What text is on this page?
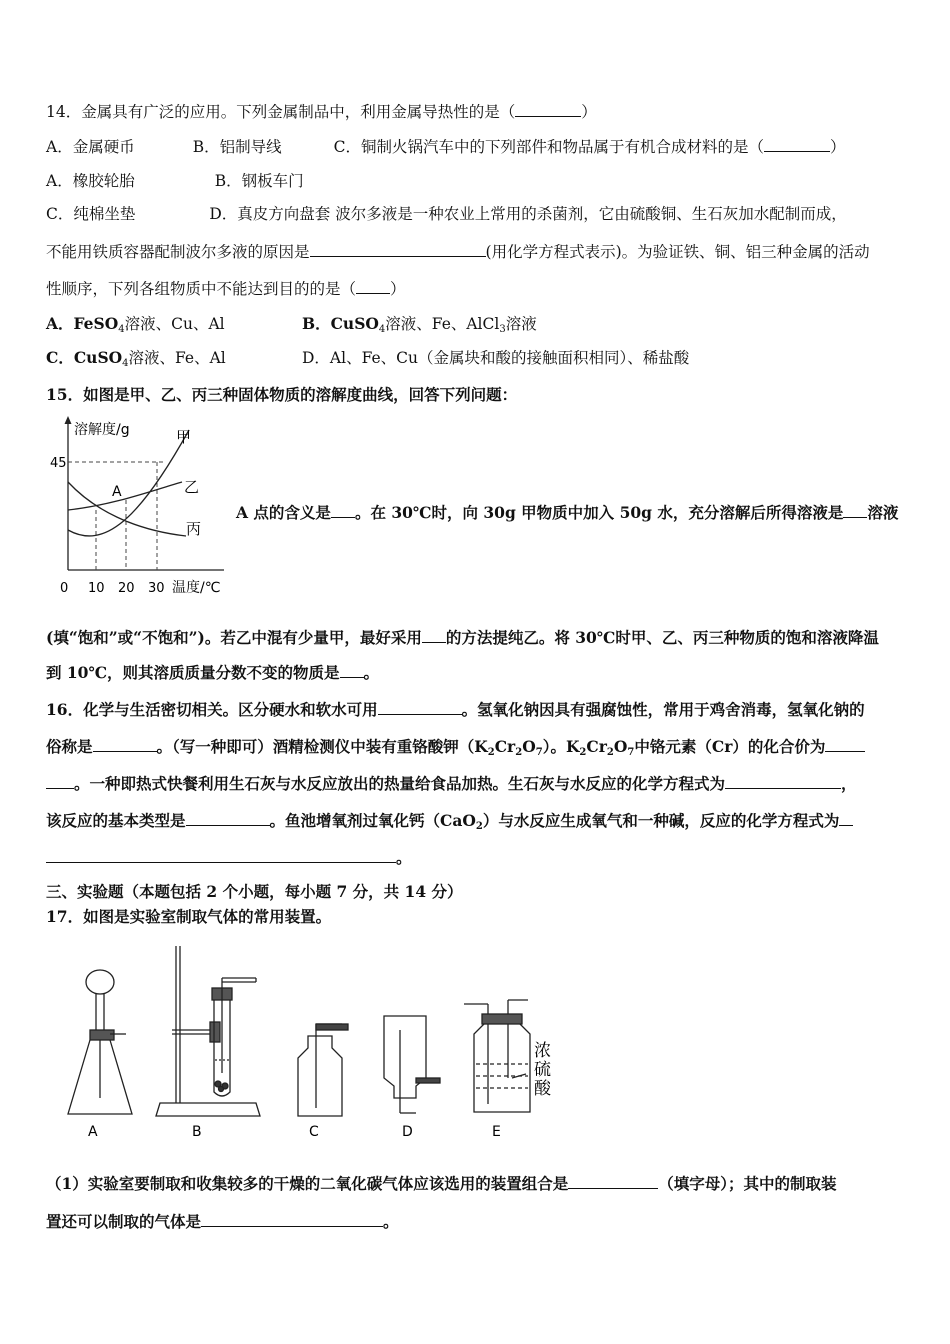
14．金属具有广泛的应用。下列金属制品中，利用金属导热性的是（	）
A．金属硬币	B．铝制导线	C．铜制火锅汽车中的下列部件和物品属于有机合成材料的是（	）
A．橡胶轮胎	B．钢板车门
C．纯棉坐垫	D．真皮方向盘套 波尔多液是一种农业上常用的杀菌剂，它由硫酸铜、生石灰加水配制而成，
不能用铁质容器配制波尔多液的原因是	(用化学方程式表示)。为验证铁、铜、铝三种金属的活动
性顺序，下列各组物质中不能达到目的的是（ ）
A．FeSO$_4$溶液、Cu、Al	B．CuSO$_4$溶液、Fe、AlCl$_3$溶液
C．CuSO$_4$溶液、Fe、Al	D．Al、Fe、Cu（金属块和酸的接触面积相同）、稀盐酸
15．如图是甲、乙、丙三种固体物质的溶解度曲线，回答下列问题：
溶解度/g
45
甲
乙
丙
A
0 10 20 30 温度/℃
A 点的含义是 。在 30℃时，向 30g 甲物质中加入 50g 水，充分溶解后所得溶液是 溶液
(填“饱和”或“不饱和”)。若乙中混有少量甲，最好采用 的方法提纯乙。将 30℃时甲、乙、丙三种物质的饱和溶液降温
到 10℃，则其溶质质量分数不变的物质是 。
16．化学与生活密切相关。区分硬水和软水可用	。氢氧化钠因具有强腐蚀性，常用于鸡舍消毒，氢氧化钠的
俗称是	。（写一种即可）酒精检测仪中装有重铬酸钾$(K_2Cr_2O_7)$。$K_2Cr_2O_7$中铬元素（Cr）的化合价为
。一种即热式快餐利用生石灰与水反应放出的热量给食品加热。生石灰与水反应的化学方程式为	，
该反应的基本类型是	。鱼池增氧剂过氧化钙（CaO$_2$）与水反应生成氧气和一种碱，反应的化学方程式为
。
三、实验题（本题包括 2 个小题，每小题 7 分，共 14 分）
17．如图是实验室制取气体的常用装置。
浓
硫
酸
A	B	C	D	E
（1）实验室要制取和收集较多的干燥的二氧化碳气体应该选用的装置组合是	（填字母）；其中的制取装
置还可以制取的气体是	。
